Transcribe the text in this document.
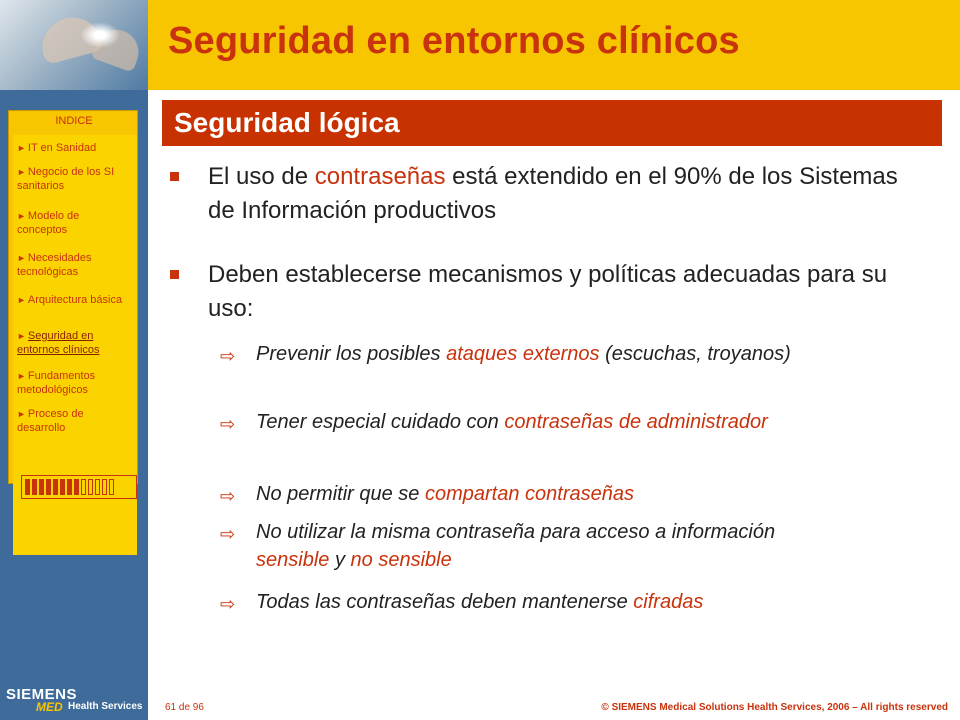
Seguridad en entornos clínicos
Seguridad lógica
INDICE
► IT en Sanidad
► Negocio de los SI sanitarios
► Modelo de conceptos
► Necesidades tecnológicas
► Arquitectura básica
► Seguridad en entornos clínicos
► Fundamentos metodológicos
► Proceso de desarrollo
El uso de contraseñas está extendido en el 90% de los Sistemas de Información productivos
Deben establecerse mecanismos y políticas adecuadas para su uso:
⇨ Prevenir los posibles ataques externos (escuchas, troyanos)
⇨ Tener especial cuidado con contraseñas de administrador
⇨ No permitir que se compartan contraseñas
⇨ No utilizar la misma contraseña para acceso a información sensible y no sensible
⇨ Todas las contraseñas deben mantenerse cifradas
SIEMENS
MED Health Services 61 de 96	© SIEMENS Medical Solutions Health Services, 2006 – All rights reserved
